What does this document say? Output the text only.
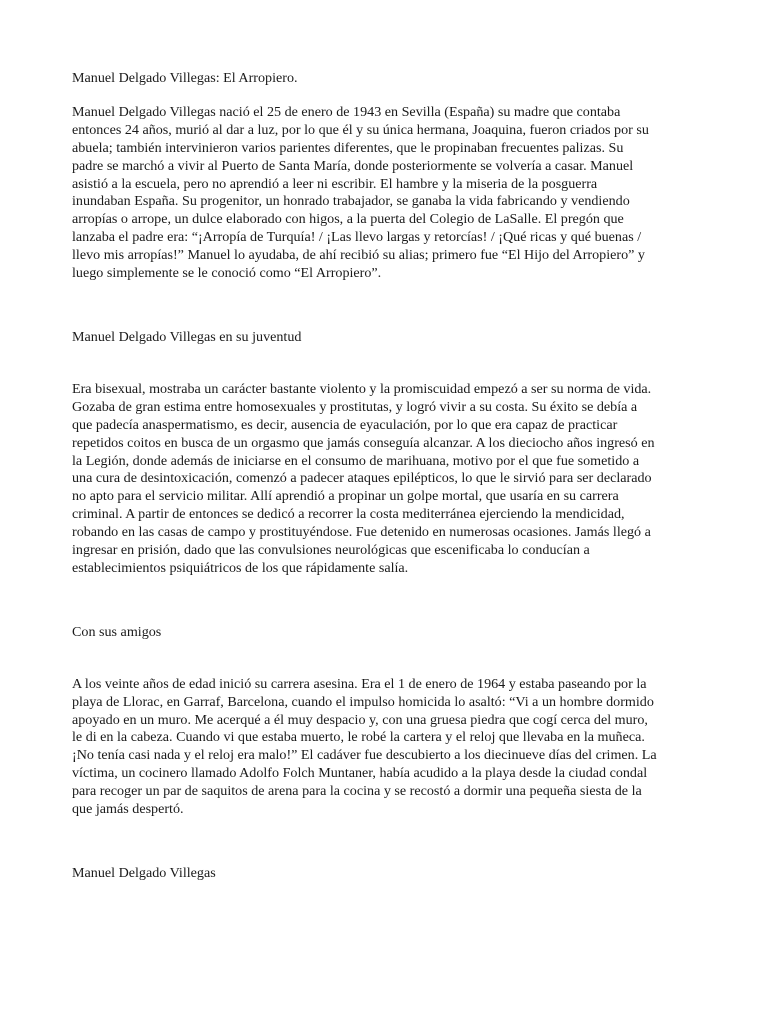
Manuel Delgado Villegas: El Arropiero.

Manuel Delgado Villegas nació el 25 de enero de 1943 en Sevilla (España) su madre que contaba
entonces 24 años, murió al dar a luz, por lo que él y su única hermana, Joaquina, fueron criados por su
abuela; también intervinieron varios parientes diferentes, que le propinaban frecuentes palizas. Su
padre se marchó a vivir al Puerto de Santa María, donde posteriormente se volvería a casar. Manuel
asistió a la escuela, pero no aprendió a leer ni escribir. El hambre y la miseria de la posguerra
inundaban España. Su progenitor, un honrado trabajador, se ganaba la vida fabricando y vendiendo
arropías o arrope, un dulce elaborado con higos, a la puerta del Colegio de LaSalle. El pregón que
lanzaba el padre era: “¡Arropía de Turquía! / ¡Las llevo largas y retorcías! / ¡Qué ricas y qué buenas /
llevo mis arropías!” Manuel lo ayudaba, de ahí recibió su alias; primero fue “El Hijo del Arropiero” y
luego simplemente se le conoció como “El Arropiero”.

Manuel Delgado Villegas en su juventud

Era bisexual, mostraba un carácter bastante violento y la promiscuidad empezó a ser su norma de vida.
Gozaba de gran estima entre homosexuales y prostitutas, y logró vivir a su costa. Su éxito se debía a
que padecía anaspermatismo, es decir, ausencia de eyaculación, por lo que era capaz de practicar
repetidos coitos en busca de un orgasmo que jamás conseguía alcanzar. A los dieciocho años ingresó en
la Legión, donde además de iniciarse en el consumo de marihuana, motivo por el que fue sometido a
una cura de desintoxicación, comenzó a padecer ataques epilépticos, lo que le sirvió para ser declarado
no apto para el servicio militar. Allí aprendió a propinar un golpe mortal, que usaría en su carrera
criminal. A partir de entonces se dedicó a recorrer la costa mediterránea ejerciendo la mendicidad,
robando en las casas de campo y prostituyéndose. Fue detenido en numerosas ocasiones. Jamás llegó a
ingresar en prisión, dado que las convulsiones neurológicas que escenificaba lo conducían a
establecimientos psiquiátricos de los que rápidamente salía.

Con sus amigos

A los veinte años de edad inició su carrera asesina. Era el 1 de enero de 1964 y estaba paseando por la
playa de Llorac, en Garraf, Barcelona, cuando el impulso homicida lo asaltó: “Vi a un hombre dormido
apoyado en un muro. Me acerqué a él muy despacio y, con una gruesa piedra que cogí cerca del muro,
le di en la cabeza. Cuando vi que estaba muerto, le robé la cartera y el reloj que llevaba en la muñeca.
¡No tenía casi nada y el reloj era malo!” El cadáver fue descubierto a los diecinueve días del crimen. La
víctima, un cocinero llamado Adolfo Folch Muntaner, había acudido a la playa desde la ciudad condal
para recoger un par de saquitos de arena para la cocina y se recostó a dormir una pequeña siesta de la
que jamás despertó.

Manuel Delgado Villegas
